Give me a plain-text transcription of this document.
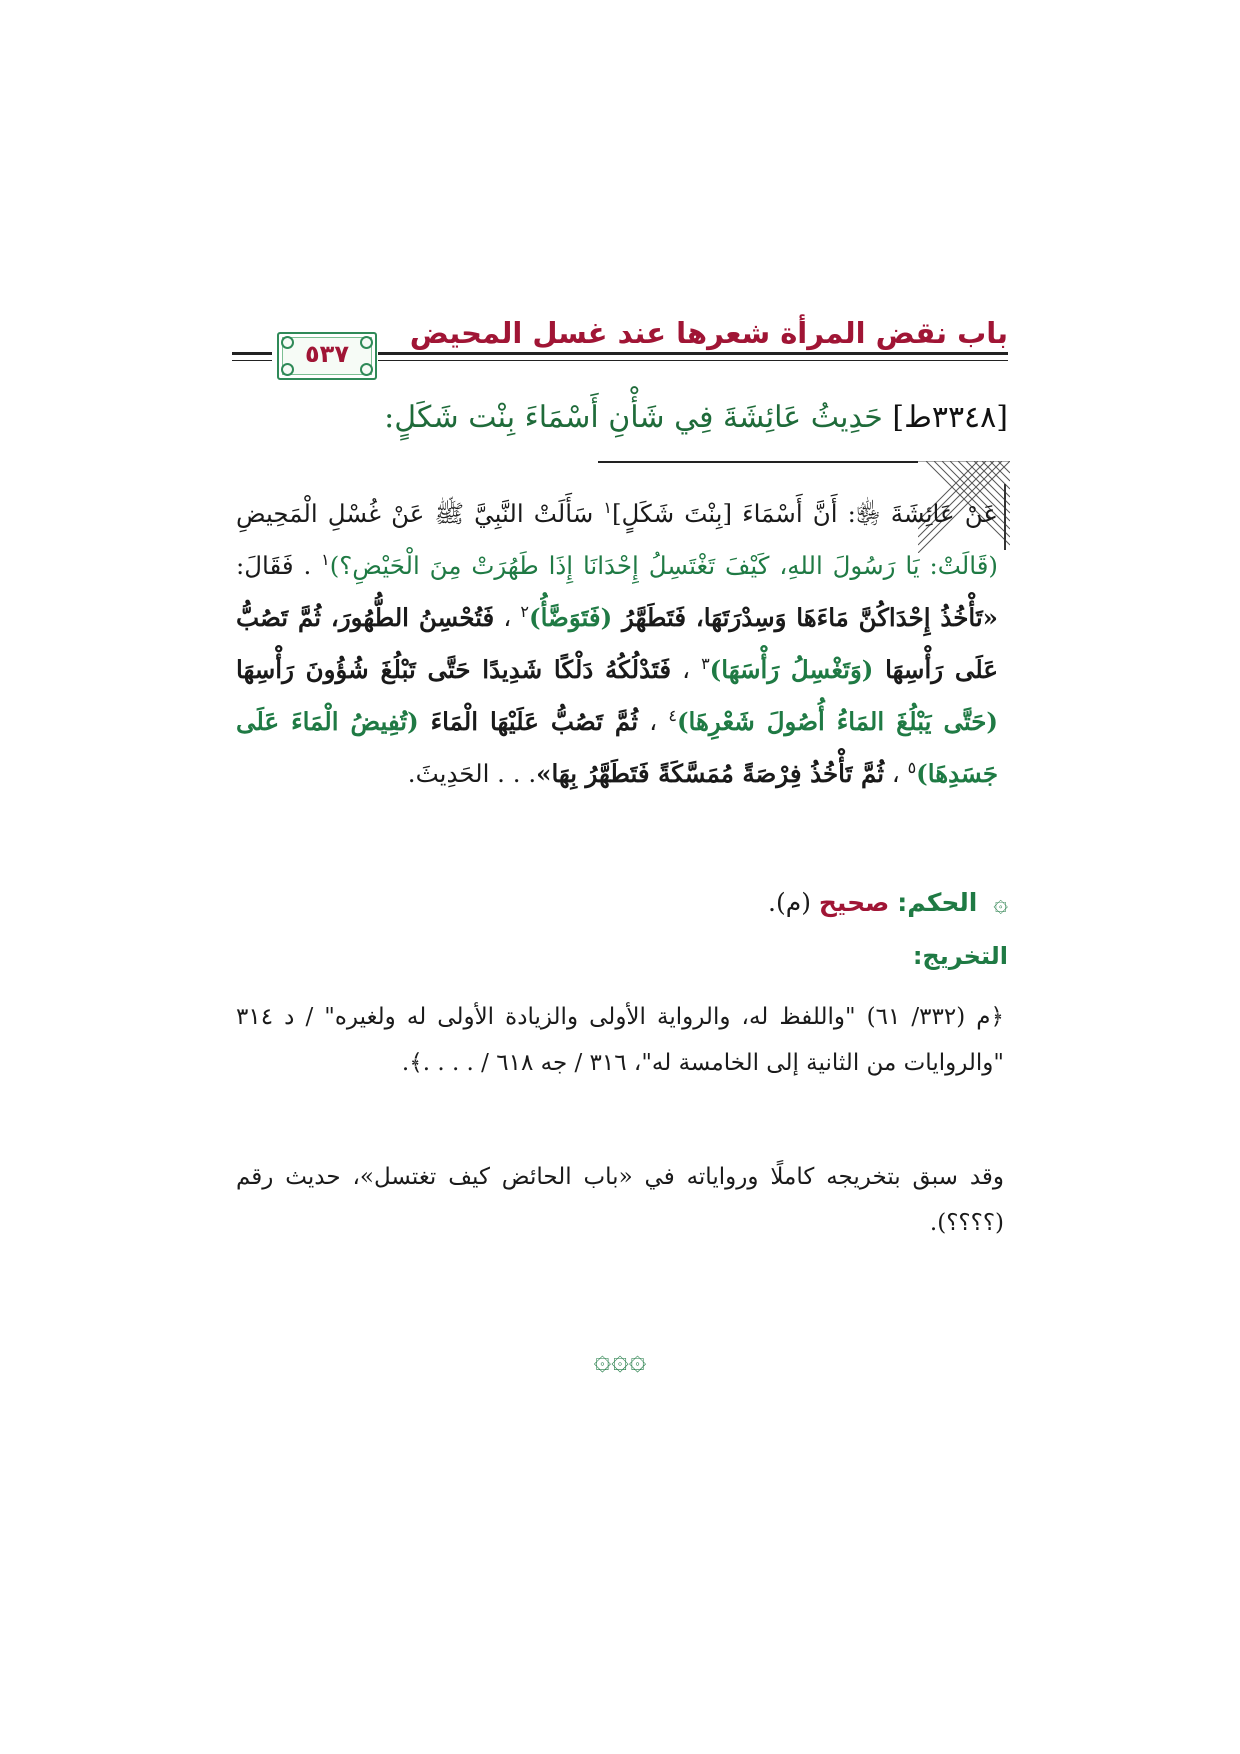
باب نقض المرأة شعرها عند غسل المحيض
٥٣٧
[٣٣٤٨ط] حَدِيثُ عَائِشَةَ فِي شَأْنِ أَسْمَاءَ بِنْت شَكَلٍ:
عَنْ عَائِشَةَ ﵂: أَنَّ أَسْمَاءَ [بِنْتَ شَكَلٍ]$^١$ سَأَلَتْ النَّبِيَّ ﷺ عَنْ غُسْلِ الْمَحِيضِ (قَالَتْ: يَا رَسُولَ اللهِ، كَيْفَ تَغْتَسِلُ إِحْدَانَا إِذَا طَهُرَتْ مِنَ الْحَيْضِ؟)$^١$ . فَقَالَ: «تَأْخُذُ إِحْدَاكُنَّ مَاءَهَا وَسِدْرَتَهَا، فَتَطَهَّرُ (فَتَوَضَّأُ)$^٢$ ، فَتُحْسِنُ الطُّهُورَ، ثُمَّ تَصُبُّ عَلَى رَأْسِهَا (وَتَغْسِلُ رَأْسَهَا)$^٣$ ، فَتَدْلُكُهُ دَلْكًا شَدِيدًا حَتَّى تَبْلُغَ شُؤُونَ رَأْسِهَا (حَتَّى يَبْلُغَ المَاءُ أُصُولَ شَعْرِهَا)$^٤$ ، ثُمَّ تَصُبُّ عَلَيْهَا الْمَاءَ (تُفِيضُ الْمَاءَ عَلَى جَسَدِهَا)$^٥$ ، ثُمَّ تَأْخُذُ فِرْصَةً مُمَسَّكَةً فَتَطَهَّرُ بِهَا». . . الحَدِيثَ.
۞ الحكم: صحيح (م).
التخريج:
﴿م (٣٣٢/ ٦١) "واللفظ له، والرواية الأولى والزيادة الأولى له ولغيره" / د ٣١٤ "والروايات من الثانية إلى الخامسة له"، ٣١٦ / جه ٦١٨ / . . . .﴾.
وقد سبق بتخريجه كاملًا ورواياته في «باب الحائض كيف تغتسل»، حديث رقم (؟؟؟؟).
۞۞۞
